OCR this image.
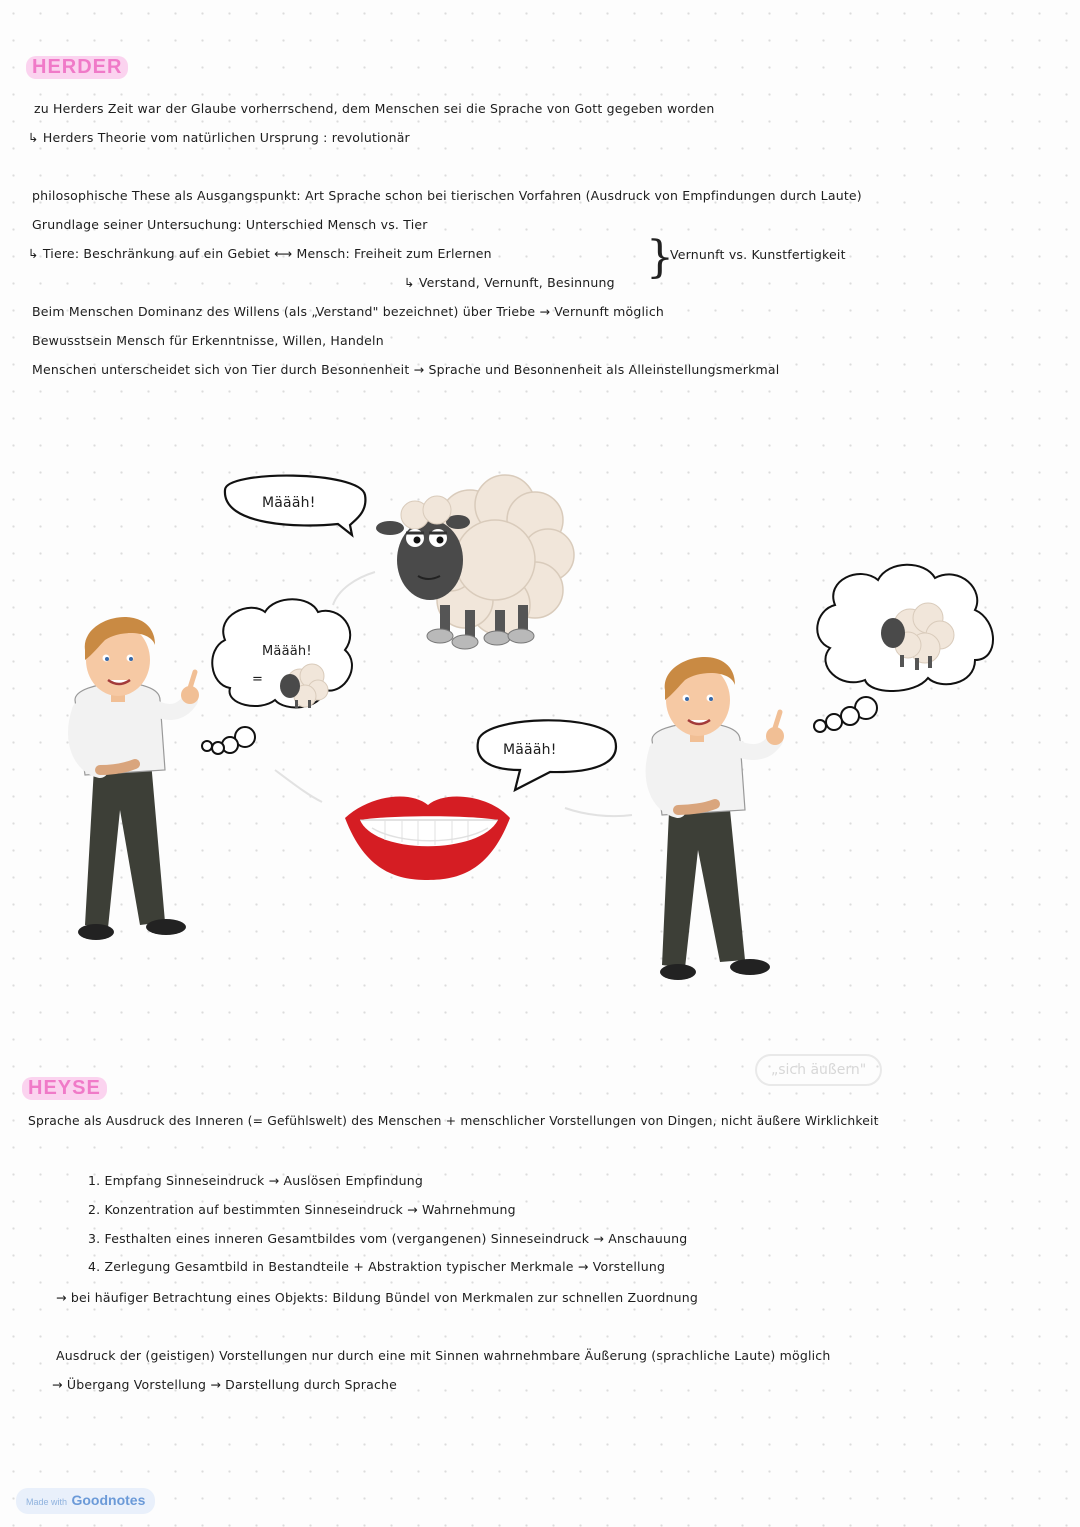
HERDER
zu Herders Zeit war der Glaube vorherrschend, dem Menschen sei die Sprache von Gott gegeben worden
↳ Herders Theorie vom natürlichen Ursprung : revolutionär
philosophische These als Ausgangspunkt: Art Sprache schon bei tierischen Vorfahren (Ausdruck von Empfindungen durch Laute)
Grundlage seiner Untersuchung: Unterschied Mensch vs. Tier
↳ Tiere: Beschränkung auf ein Gebiet ⟷ Mensch: Freiheit zum Erlernen
↳ Verstand, Vernunft, Besinnung }
Vernunft vs. Kunstfertigkeit
Beim Menschen Dominanz des Willens (als „Verstand" bezeichnet) über Triebe → Vernunft möglich
Bewusstsein Mensch für Erkenntnisse, Willen, Handeln
Menschen unterscheidet sich von Tier durch Besonnenheit → Sprache und Besonnenheit als Alleinstellungsmerkmal
Määäh!
Määäh!
=
Määäh!
„sich äußern"
HEYSE
Sprache als Ausdruck des Inneren (= Gefühlswelt) des Menschen + menschlicher Vorstellungen von Dingen, nicht äußere Wirklichkeit
1. Empfang Sinneseindruck → Auslösen Empfindung
2. Konzentration auf bestimmten Sinneseindruck → Wahrnehmung
3. Festhalten eines inneren Gesamtbildes vom (vergangenen) Sinneseindruck → Anschauung
4. Zerlegung Gesamtbild in Bestandteile + Abstraktion typischer Merkmale → Vorstellung
→ bei häufiger Betrachtung eines Objekts: Bildung Bündel von Merkmalen zur schnellen Zuordnung
Ausdruck der (geistigen) Vorstellungen nur durch eine mit Sinnen wahrnehmbare Äußerung (sprachliche Laute) möglich
→ Übergang Vorstellung → Darstellung durch Sprache
Made with Goodnotes
